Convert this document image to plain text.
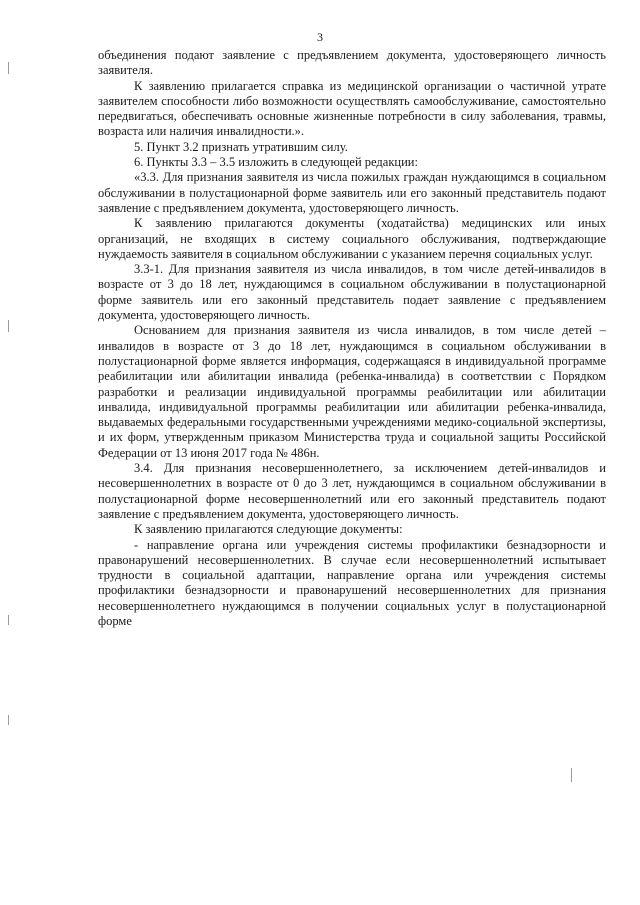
3

объединения подают заявление с предъявлением документа, удостоверяющего личность заявителя.

К заявлению прилагается справка из медицинской организации о частичной утрате заявителем способности либо возможности осуществлять самообслуживание, самостоятельно передвигаться, обеспечивать основные жизненные потребности в силу заболевания, травмы, возраста или наличия инвалидности.».

5. Пункт 3.2 признать утратившим силу.

6. Пункты 3.3 – 3.5 изложить в следующей редакции:

«3.3. Для признания заявителя из числа пожилых граждан нуждающимся в социальном обслуживании в полустационарной форме заявитель или его законный представитель подают заявление с предъявлением документа, удостоверяющего личность.

К заявлению прилагаются документы (ходатайства) медицинских или иных организаций, не входящих в систему социального обслуживания, подтверждающие нуждаемость заявителя в социальном обслуживании с указанием перечня социальных услуг.

3.3-1. Для признания заявителя из числа инвалидов, в том числе детей-инвалидов в возрасте от 3 до 18 лет, нуждающимся в социальном обслуживании в полустационарной форме заявитель или его законный представитель подает заявление с предъявлением документа, удостоверяющего личность.

Основанием для признания заявителя из числа инвалидов, в том числе детей – инвалидов в возрасте от 3 до 18 лет, нуждающимся в социальном обслуживании в полустационарной форме является информация, содержащаяся в индивидуальной программе реабилитации или абилитации инвалида (ребенка-инвалида) в соответствии с Порядком разработки и реализации индивидуальной программы реабилитации или абилитации инвалида, индивидуальной программы реабилитации или абилитации ребенка-инвалида, выдаваемых федеральными государственными учреждениями медико-социальной экспертизы, и их форм, утвержденным приказом Министерства труда и социальной защиты Российской Федерации от 13 июня 2017 года № 486н.

3.4. Для признания несовершеннолетнего, за исключением детей-инвалидов и несовершеннолетних в возрасте от 0 до 3 лет, нуждающимся в социальном обслуживании в полустационарной форме несовершеннолетний или его законный представитель подают заявление с предъявлением документа, удостоверяющего личность.

К заявлению прилагаются следующие документы:

- направление органа или учреждения системы профилактики безнадзорности и правонарушений несовершеннолетних. В случае если несовершеннолетний испытывает трудности в социальной адаптации, направление органа или учреждения системы профилактики безнадзорности и правонарушений несовершеннолетних для признания несовершеннолетнего нуждающимся в получении социальных услуг в полустационарной форме
